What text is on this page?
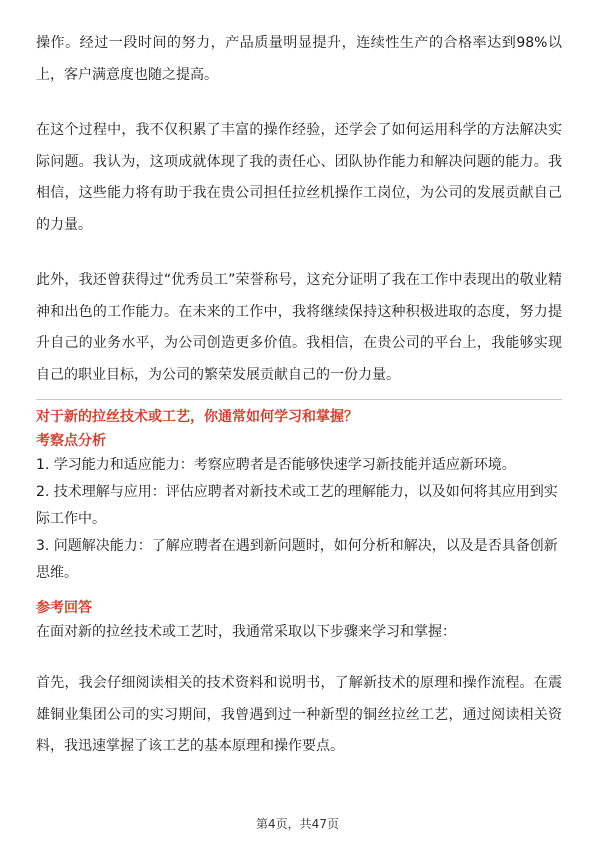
操作。经过一段时间的努力，产品质量明显提升，连续性生产的合格率达到98%以上，客户满意度也随之提高。

在这个过程中，我不仅积累了丰富的操作经验，还学会了如何运用科学的方法解决实际问题。我认为，这项成就体现了我的责任心、团队协作能力和解决问题的能力。我相信，这些能力将有助于我在贵公司担任拉丝机操作工岗位，为公司的发展贡献自己的力量。

此外，我还曾获得过“优秀员工”荣誉称号，这充分证明了我在工作中表现出的敬业精神和出色的工作能力。在未来的工作中，我将继续保持这种积极进取的态度，努力提升自己的业务水平，为公司创造更多价值。我相信，在贵公司的平台上，我能够实现自己的职业目标，为公司的繁荣发展贡献自己的一份力量。

对于新的拉丝技术或工艺，你通常如何学习和掌握？

考察点分析

1. 学习能力和适应能力：考察应聘者是否能够快速学习新技能并适应新环境。
2. 技术理解与应用：评估应聘者对新技术或工艺的理解能力，以及如何将其应用到实际工作中。
3. 问题解决能力：了解应聘者在遇到新问题时，如何分析和解决，以及是否具备创新思维。

参考回答

在面对新的拉丝技术或工艺时，我通常采取以下步骤来学习和掌握：

首先，我会仔细阅读相关的技术资料和说明书，了解新技术的原理和操作流程。在震雄铜业集团公司的实习期间，我曾遇到过一种新型的铜丝拉丝工艺，通过阅读相关资料，我迅速掌握了该工艺的基本原理和操作要点。

第4页，共47页
